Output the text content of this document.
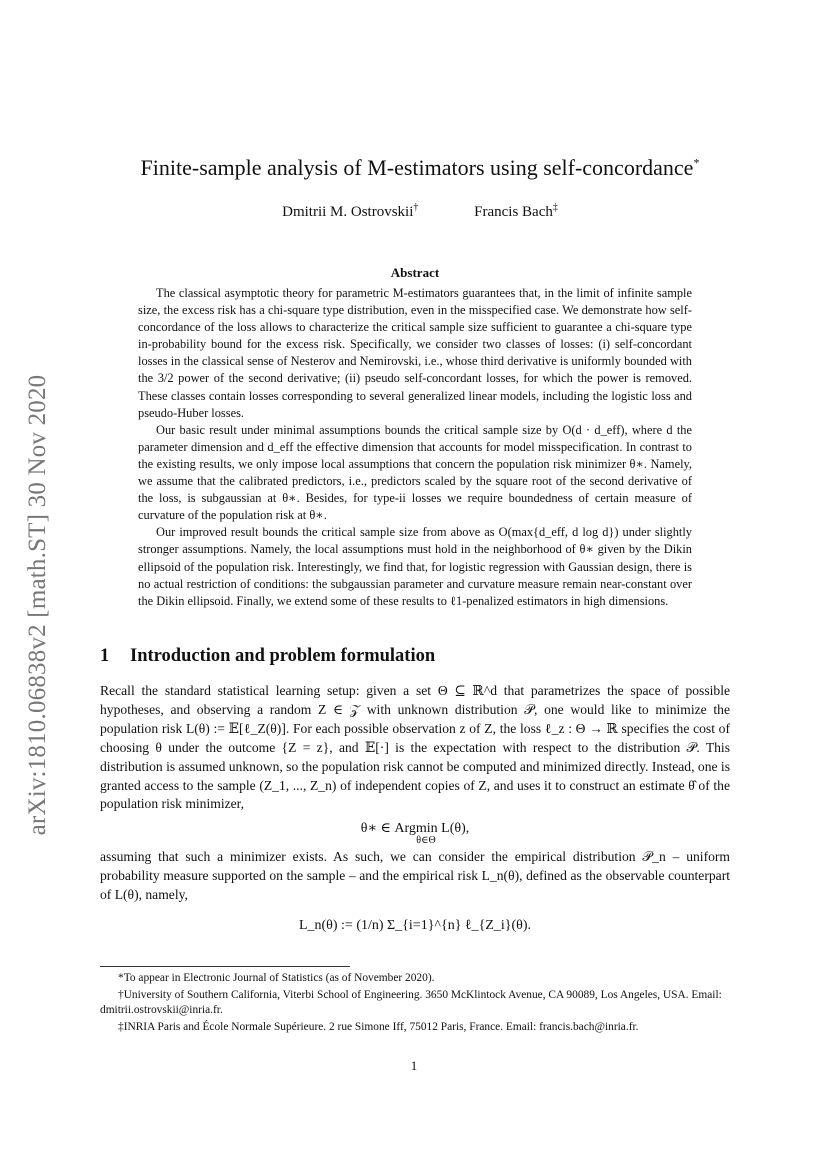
arXiv:1810.06838v2 [math.ST] 30 Nov 2020
Finite-sample analysis of M-estimators using self-concordance*
Dmitrii M. Ostrovskii†	Francis Bach‡
Abstract

The classical asymptotic theory for parametric M-estimators guarantees that, in the limit of infinite sample size, the excess risk has a chi-square type distribution, even in the misspecified case. We demonstrate how self-concordance of the loss allows to characterize the critical sample size sufficient to guarantee a chi-square type in-probability bound for the excess risk. Specifically, we consider two classes of losses: (i) self-concordant losses in the classical sense of Nesterov and Nemirovski, i.e., whose third derivative is uniformly bounded with the 3/2 power of the second derivative; (ii) pseudo self-concordant losses, for which the power is removed. These classes contain losses corresponding to several generalized linear models, including the logistic loss and pseudo-Huber losses.

Our basic result under minimal assumptions bounds the critical sample size by O(d · d_eff), where d the parameter dimension and d_eff the effective dimension that accounts for model misspecification. In contrast to the existing results, we only impose local assumptions that concern the population risk minimizer θ∗. Namely, we assume that the calibrated predictors, i.e., predictors scaled by the square root of the second derivative of the loss, is subgaussian at θ∗. Besides, for type-ii losses we require boundedness of certain measure of curvature of the population risk at θ∗.

Our improved result bounds the critical sample size from above as O(max{d_eff, d log d}) under slightly stronger assumptions. Namely, the local assumptions must hold in the neighborhood of θ∗ given by the Dikin ellipsoid of the population risk. Interestingly, we find that, for logistic regression with Gaussian design, there is no actual restriction of conditions: the subgaussian parameter and curvature measure remain near-constant over the Dikin ellipsoid. Finally, we extend some of these results to ℓ1-penalized estimators in high dimensions.

1 Introduction and problem formulation
Recall the standard statistical learning setup: given a set Θ ⊆ ℝ^d that parametrizes the space of possible hypotheses, and observing a random Z ∈ 𝒵 with unknown distribution 𝒫, one would like to minimize the population risk L(θ) := 𝔼[ℓ_Z(θ)]. For each possible observation z of Z, the loss ℓ_z : Θ → ℝ specifies the cost of choosing θ under the outcome {Z = z}, and 𝔼[·] is the expectation with respect to the distribution 𝒫. This distribution is assumed unknown, so the population risk cannot be computed and minimized directly. Instead, one is granted access to the sample (Z_1, ..., Z_n) of independent copies of Z, and uses it to construct an estimate θ̂ of the population risk minimizer,
θ∗ ∈ Argmin L(θ),
θ∈Θ
assuming that such a minimizer exists. As such, we can consider the empirical distribution 𝒫_n – uniform probability measure supported on the sample – and the empirical risk L_n(θ), defined as the observable counterpart of L(θ), namely,
L_n(θ) := (1/n) Σ_{i=1}^{n} ℓ_{Z_i}(θ).

*To appear in Electronic Journal of Statistics (as of November 2020).

†University of Southern California, Viterbi School of Engineering. 3650 McKlintock Avenue, CA 90089, Los Angeles, USA. Email: dmitrii.ostrovskii@inria.fr.

‡INRIA Paris and École Normale Supérieure. 2 rue Simone Iff, 75012 Paris, France. Email: francis.bach@inria.fr.

1
